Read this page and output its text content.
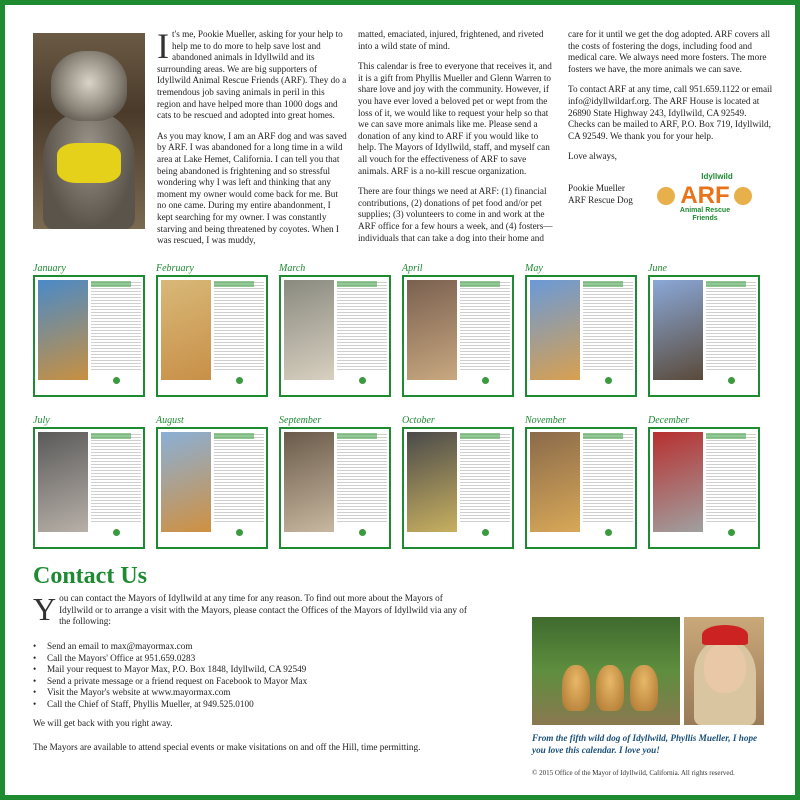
It's me, Pookie Mueller, asking for your help to help me to do more to help save lost and abandoned animals in Idyllwild and its surrounding areas. We are big supporters of Idyllwild Animal Rescue Friends (ARF). They do a tremendous job saving animals in peril in this region and have helped more than 1000 dogs and cats to be rescued and adopted into great homes.

As you may know, I am an ARF dog and was saved by ARF. I was abandoned for a long time in a wild area at Lake Hemet, California. I can tell you that being abandoned is frightening and so stressful wondering why I was left and thinking that any moment my owner would come back for me. But no one came. During my entire abandonment, I kept searching for my owner. I was constantly starving and being threatened by coyotes. When I was rescued, I was muddy,

matted, emaciated, injured, frightened, and riveted into a wild state of mind.

This calendar is free to everyone that receives it, and it is a gift from Phyllis Mueller and Glenn Warren to share love and joy with the community. However, if you have ever loved a beloved pet or wept from the loss of it, we would like to request your help so that we can save more animals like me. Please send a donation of any kind to ARF if you would like to help. The Mayors of Idyllwild, staff, and myself can all vouch for the effectiveness of ARF to save animals. ARF is a no-kill rescue organization.

There are four things we need at ARF: (1) financial contributions, (2) donations of pet food and/or pet supplies; (3) volunteers to come in and work at the ARF office for a few hours a week, and (4) fosters—individuals that can take a dog into their home and

care for it until we get the dog adopted. ARF covers all the costs of fostering the dogs, including food and medical care. We always need more fosters. The more fosters we have, the more animals we can save.

To contact ARF at any time, call 951.659.1122 or email info@idyllwildarf.org. The ARF House is located at 26890 State Highway 243, Idyllwild, CA 92549. Checks can be mailed to ARF, P.O. Box 719, Idyllwild, CA 92549. We thank you for your help.

Love always,

Pookie Mueller
ARF Rescue Dog

Idyllwild
ARF
Animal Rescue
Friends
January	February	March	April	May	June
July	August	September	October	November	December
Contact Us

You can contact the Mayors of Idyllwild at any time for any reason. To find out more about the Mayors of Idyllwild or to arrange a visit with the Mayors, please contact the Offices of the Mayors of Idyllwild via any of the following:

• Send an email to max@mayormax.com
• Call the Mayors' Office at 951.659.0283
• Mail your request to Mayor Max, P.O. Box 1848, Idyllwild, CA 92549
• Send a private message or a friend request on Facebook to Mayor Max
• Visit the Mayor's website at www.mayormax.com
• Call the Chief of Staff, Phyllis Mueller, at 949.525.0100

We will get back with you right away.

The Mayors are available to attend special events or make visitations on and off the Hill, time permitting.

From the fifth wild dog of Idyllwild, Phyllis Mueller, I hope you love this calendar. I love you!

© 2015 Office of the Mayor of Idyllwild, California. All rights reserved.
